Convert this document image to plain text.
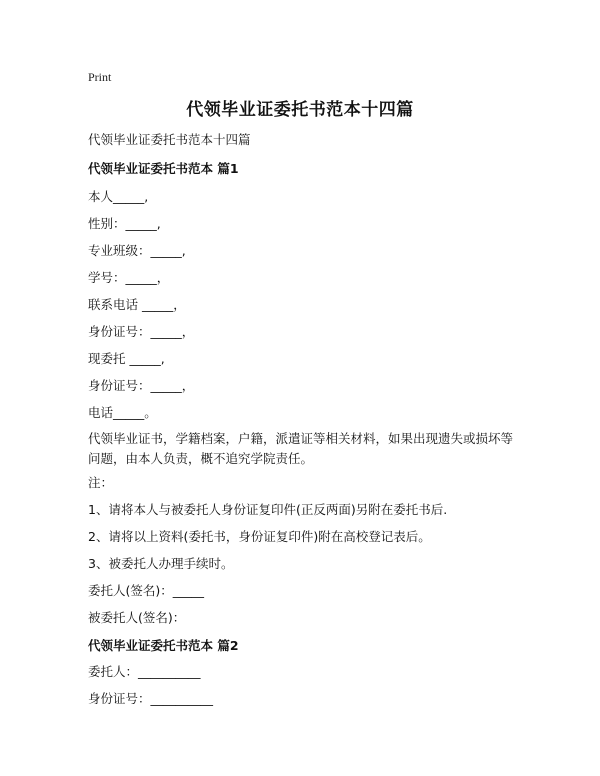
Print
代领毕业证委托书范本十四篇
代领毕业证委托书范本十四篇
代领毕业证委托书范本 篇1
本人_____,
性别：_____,
专业班级：_____,
学号：_____，
联系电话 _____，
身份证号：_____，
现委托 _____,
身份证号：_____，
电话_____。
代领毕业证书，学籍档案，户籍，派遣证等相关材料，如果出现遗失或损坏等问题，由本人负责，概不追究学院责任。
注：
1、请将本人与被委托人身份证复印件(正反两面)另附在委托书后.
2、请将以上资料(委托书，身份证复印件)附在高校登记表后。
3、被委托人办理手续时。
委托人(签名)：_____
被委托人(签名)：
代领毕业证委托书范本 篇2
委托人：__________
身份证号：__________
